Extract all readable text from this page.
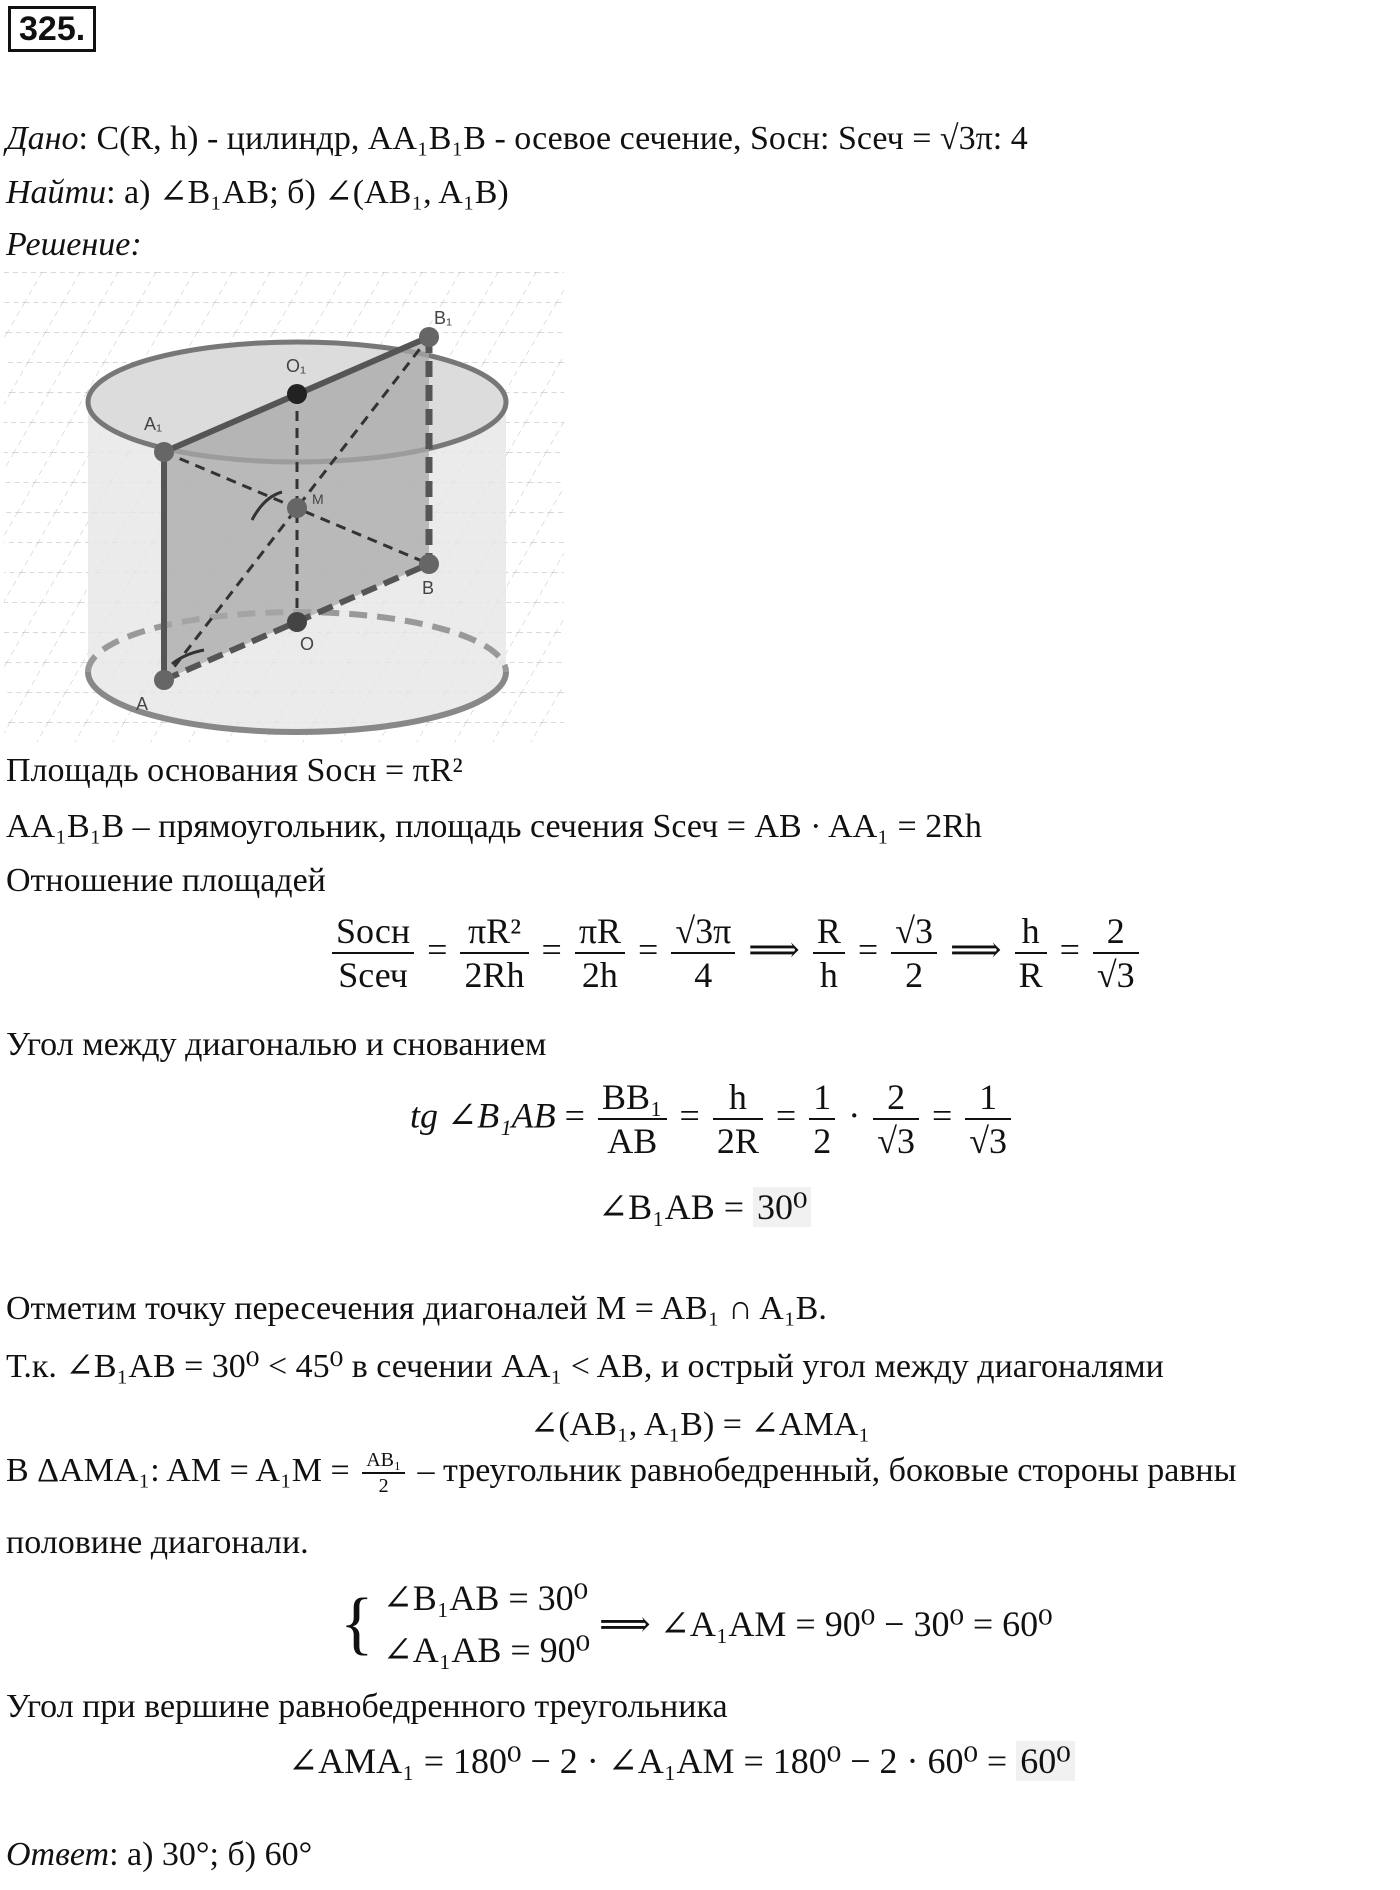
325.
Дано: C(R, h) - цилиндр, AA₁B₁B - осевое сечение, Sосн: Sсеч = √3π: 4
Найти: а) ∠B₁AB; б) ∠(AB₁, A₁B)
Решение:
B₁
O₁
A₁
M
B
O
A
Площадь основания Sосн = πR²
AA₁B₁B – прямоугольник, площадь сечения Sсеч = AB · AA₁ = 2Rh
Отношение площадей
$\frac{\text{Sосн}}{\text{Sсеч}} = \frac{\text{πR²}}{2Rh} = \frac{\pi R}{2h} = \frac{√3\pi}{4}$ ⟹ $\frac{R}{h} = \frac{√3}{2}$ ⟹ $\frac{h}{R} = \frac{2}{√3}$
Угол между диагональю и снованием
tg ∠B₁AB = $\frac{\text{BB₁}}{AB} = \frac{h}{2R} = \frac{1}{2} \cdot \frac{2}{√3} = \frac{1}{√3}$
∠B₁AB = 30⁰
Отметим точку пересечения диагоналей M = AB₁ ∩ A₁B.
Т.к. ∠B₁AB = 30⁰ < 45⁰ в сечении AA₁ < AB, и острый угол между диагоналями
∠(AB₁, A₁B) = ∠AMA₁
В ΔAMA₁: AM = $A_1M = \frac{\text{AB₁}}{2}$ – треугольник равнобедренный, боковые стороны равны
половине диагонали.
{ ∠B₁AB = 30⁰
∠A₁AB = 90⁰
⟹ ∠A₁AM = 90⁰ − 30⁰ = 60⁰
Угол при вершине равнобедренного треугольника
∠AMA₁ = 180⁰ − 2 · ∠A₁AM = 180⁰ − 2 · 60⁰ = 60⁰
Ответ: а) 30°; б) 60°
